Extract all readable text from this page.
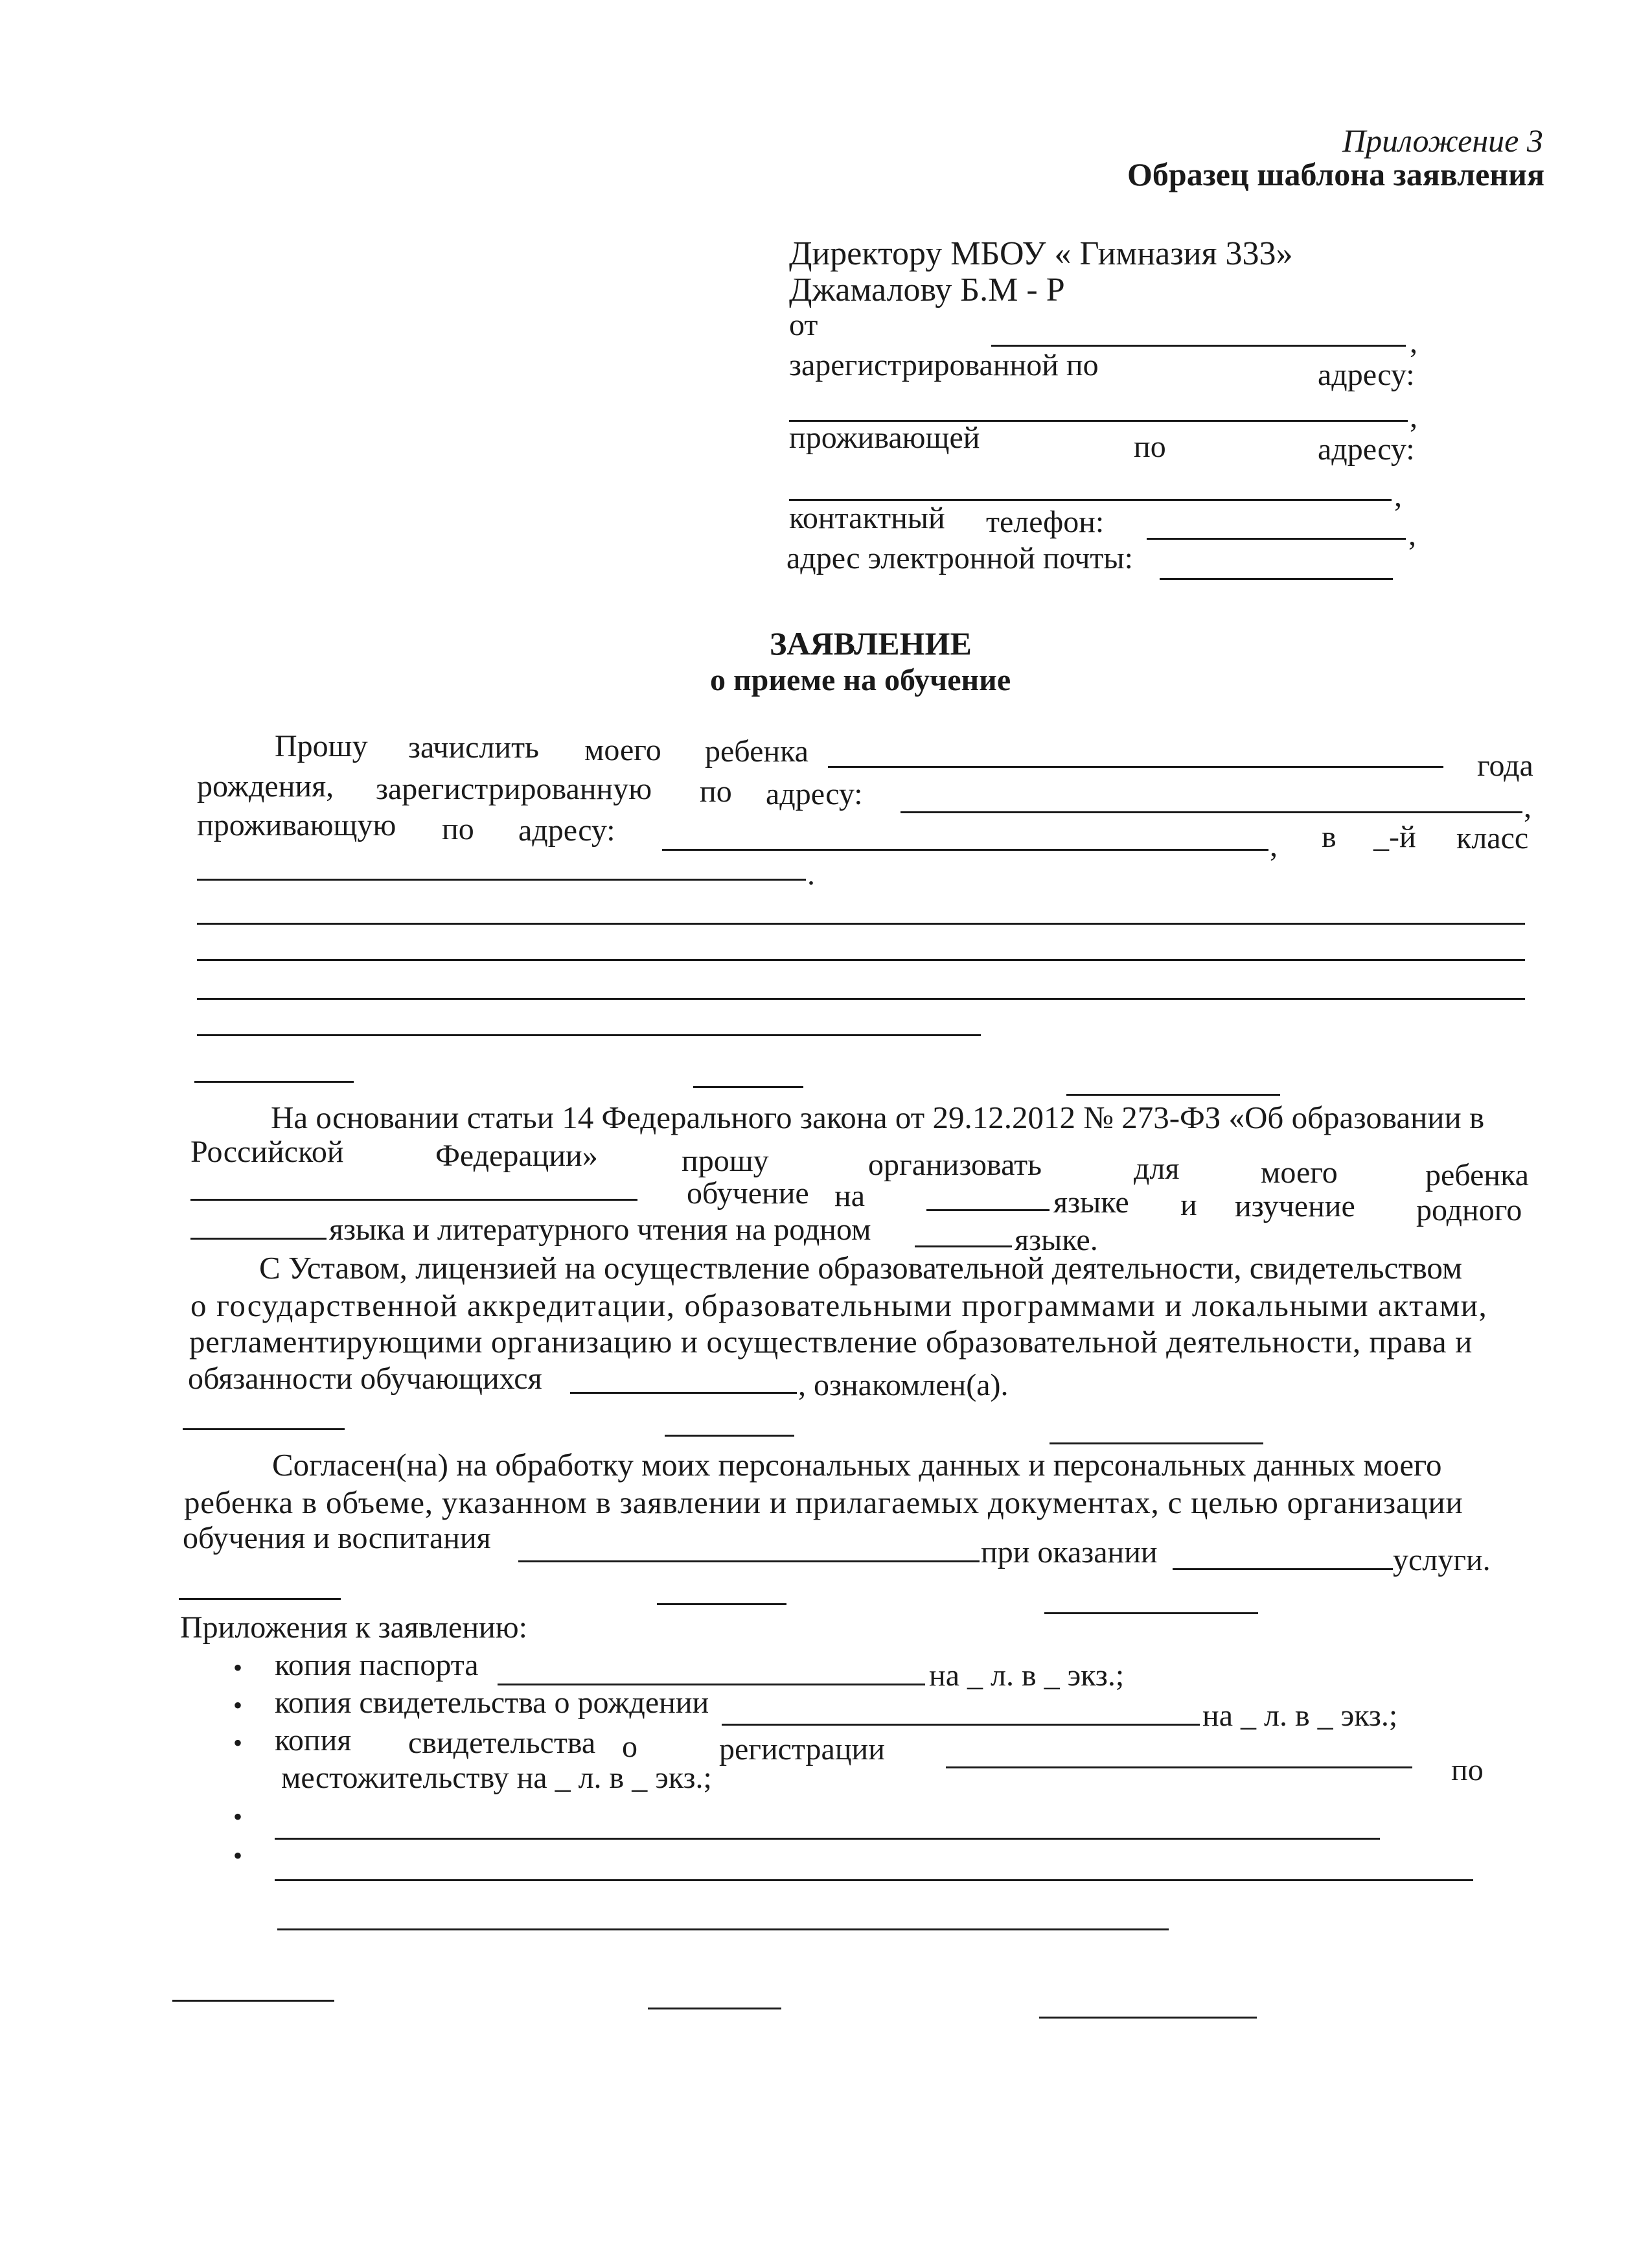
Приложение 3
Образец шаблона заявления
Директору МБОУ « Гимназия 333»
Джамалову Б.М - Р
от
,
зарегистрированной по	адресу:
,
проживающей	по	адресу:
,
контактный телефон:	,
адрес электронной почты:
ЗАЯВЛЕНИЕ
о приеме на обучение
Прошу зачислить моего ребенка	года
рождения, зарегистрированную по адресу:	,
проживающую по адресу:	, в _-й класс
.
На основании статьи 14 Федерального закона от 29.12.2012 № 273-ФЗ «Об образовании в
Российской	Федерации»	прошу	организовать	для	моего	ребенка
обучение на	языке и изучение родного
языка и литературного чтения на родном	языке.
С Уставом, лицензией на осуществление образовательной деятельности, свидетельством
о государственной аккредитации, образовательными программами и локальными актами,
регламентирующими организацию и осуществление образовательной деятельности, права и
обязанности обучающихся	, ознакомлен(а).
Согласен(на) на обработку моих персональных данных и персональных данных моего
ребенка в объеме, указанном в заявлении и прилагаемых документах, с целью организации
обучения и воспитания	при оказании	услуги.
Приложения к заявлению:
• копия паспорта	на _ л. в _ экз.;
• копия свидетельства о рождении	на _ л. в _ экз.;
• копия свидетельства о	регистрации
по
местожительству на _ л. в _ экз.;
•
•
